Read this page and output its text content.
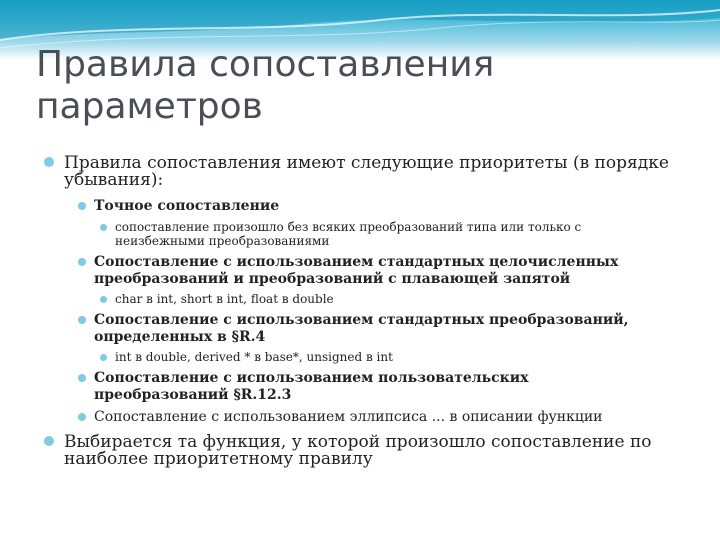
Правила сопоставления
параметров
Правила сопоставления имеют следующие приоритеты (в порядке
убывания):
Точное сопоставление
сопоставление произошло без всяких преобразований типа или только с
неизбежными преобразованиями
Сопоставление с использованием стандартных целочисленных
преобразований и преобразований с плавающей запятой
char в int, short в int, float в double
Сопоставление с использованием стандартных преобразований,
определенных в §R.4
int в double, derived * в base*, unsigned в int
Сопоставление с использованием пользовательских
преобразований §R.12.3
Сопоставление с использованием эллипсиса ... в описании функции
Выбирается та функция, у которой произошло сопоставление по
наиболее приоритетному правилу
